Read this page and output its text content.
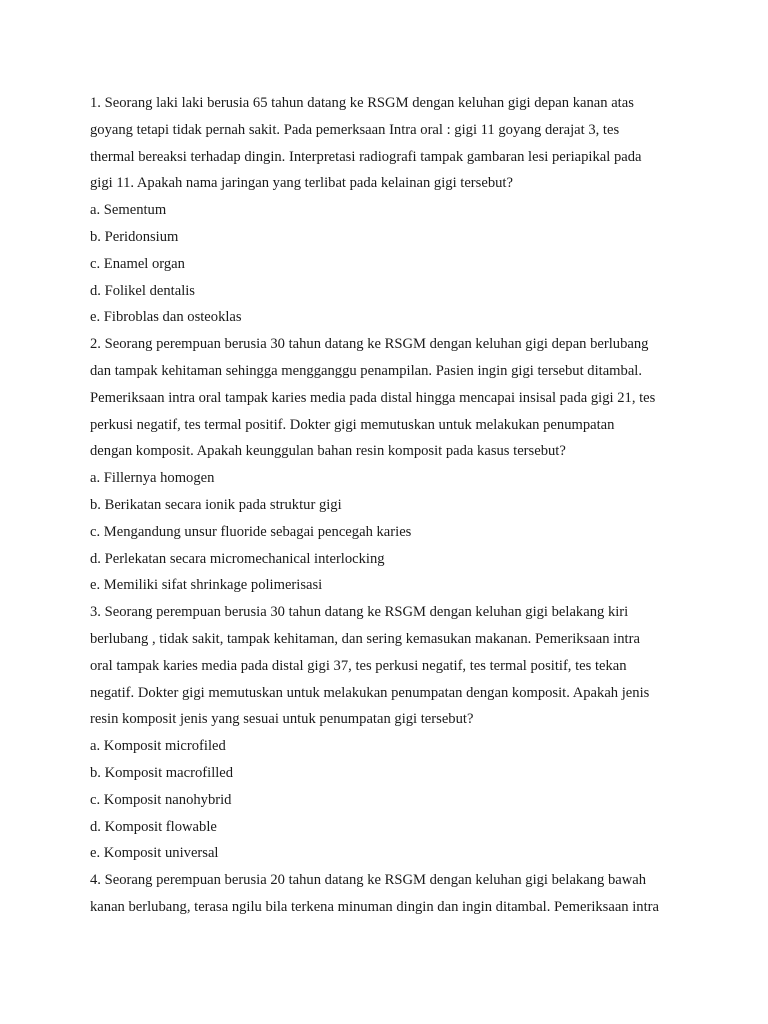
1. Seorang laki laki berusia 65 tahun datang ke RSGM dengan keluhan gigi depan kanan atas

goyang tetapi tidak pernah sakit. Pada pemerksaan Intra oral : gigi 11 goyang derajat 3, tes

thermal bereaksi terhadap dingin. Interpretasi radiografi tampak gambaran lesi periapikal pada

gigi 11. Apakah nama jaringan yang terlibat pada kelainan gigi tersebut?

a. Sementum

b. Peridonsium

c. Enamel organ

d. Folikel dentalis

e. Fibroblas dan osteoklas

2. Seorang perempuan berusia 30 tahun datang ke RSGM dengan keluhan gigi depan berlubang

dan tampak kehitaman sehingga mengganggu penampilan. Pasien ingin gigi tersebut ditambal.

Pemeriksaan intra oral tampak karies media pada distal hingga mencapai insisal pada gigi 21, tes

perkusi negatif, tes termal positif. Dokter gigi memutuskan untuk melakukan penumpatan

dengan komposit. Apakah keunggulan bahan resin komposit pada kasus tersebut?

a. Fillernya homogen

b. Berikatan secara ionik pada struktur gigi

c. Mengandung unsur fluoride sebagai pencegah karies

d. Perlekatan secara micromechanical interlocking

e. Memiliki sifat shrinkage polimerisasi

3. Seorang perempuan berusia 30 tahun datang ke RSGM dengan keluhan gigi belakang kiri

berlubang , tidak sakit, tampak kehitaman, dan sering kemasukan makanan. Pemeriksaan intra

oral tampak karies media pada distal gigi 37, tes perkusi negatif, tes termal positif, tes tekan

negatif. Dokter gigi memutuskan untuk melakukan penumpatan dengan komposit. Apakah jenis

resin komposit jenis yang sesuai untuk penumpatan gigi tersebut?

a. Komposit microfiled

b. Komposit macrofilled

c. Komposit nanohybrid

d. Komposit flowable

e. Komposit universal

4. Seorang perempuan berusia 20 tahun datang ke RSGM dengan keluhan gigi belakang bawah

kanan berlubang, terasa ngilu bila terkena minuman dingin dan ingin ditambal. Pemeriksaan intra
